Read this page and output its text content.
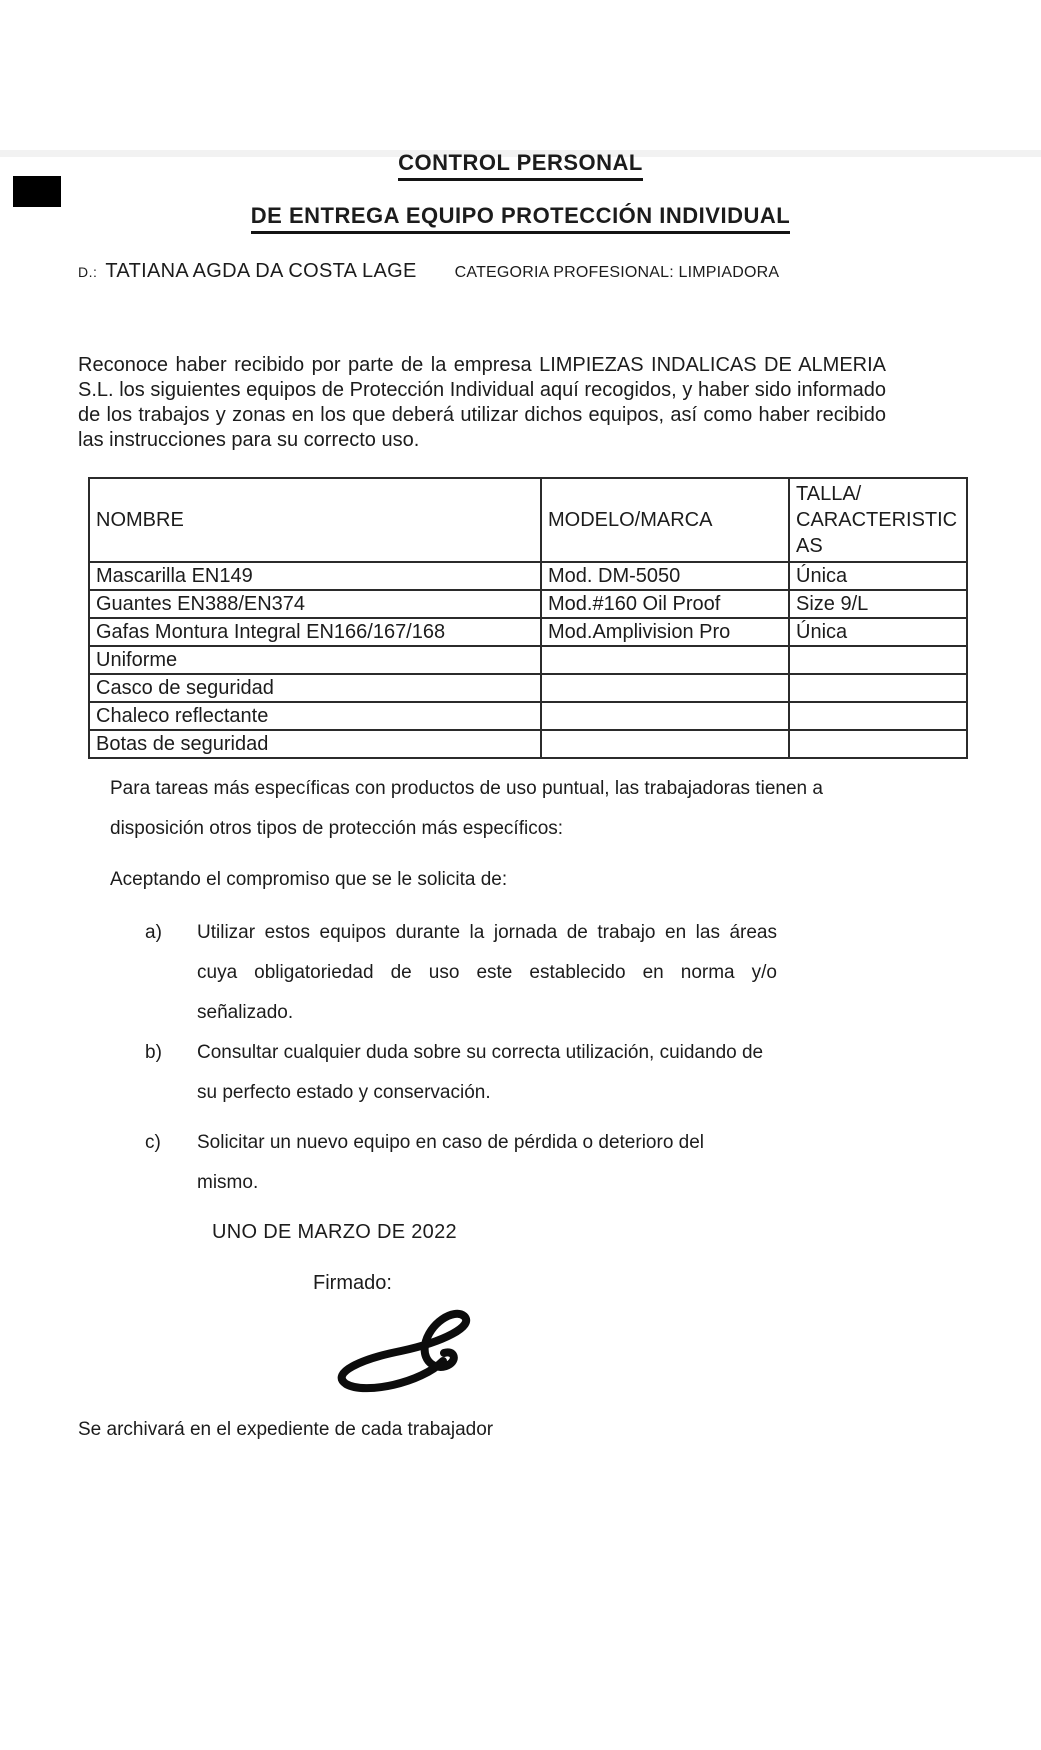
CONTROL PERSONAL
DE ENTREGA EQUIPO PROTECCIÓN INDIVIDUAL
D.: TATIANA AGDA DA COSTA LAGE CATEGORIA PROFESIONAL: LIMPIADORA

Reconoce haber recibido por parte de la empresa LIMPIEZAS INDALICAS DE ALMERIA S.L. los siguientes equipos de Protección Individual aquí recogidos, y haber sido informado de los trabajos y zonas en los que deberá utilizar dichos equipos, así como haber recibido las instrucciones para su correcto uso.

NOMBRE	MODELO/MARCA	TALLA/ CARACTERISTIC AS
Mascarilla EN149	Mod. DM-5050	Única
Guantes EN388/EN374	Mod.#160 Oil Proof	Size 9/L
Gafas Montura Integral EN166/167/168	Mod.Amplivision Pro	Única
Uniforme		
Casco de seguridad		
Chaleco reflectante		
Botas de seguridad		

Para tareas más específicas con productos de uso puntual, las trabajadoras tienen a disposición otros tipos de protección más específicos:

Aceptando el compromiso que se le solicita de:

a)	Utilizar estos equipos durante la jornada de trabajo en las áreas cuya obligatoriedad de uso este establecido en norma y/o señalizado.
b)	Consultar cualquier duda sobre su correcta utilización, cuidando de su perfecto estado y conservación.
c)	Solicitar un nuevo equipo en caso de pérdida o deterioro del mismo.

UNO DE MARZO DE 2022

Firmado:

Se archivará en el expediente de cada trabajador
